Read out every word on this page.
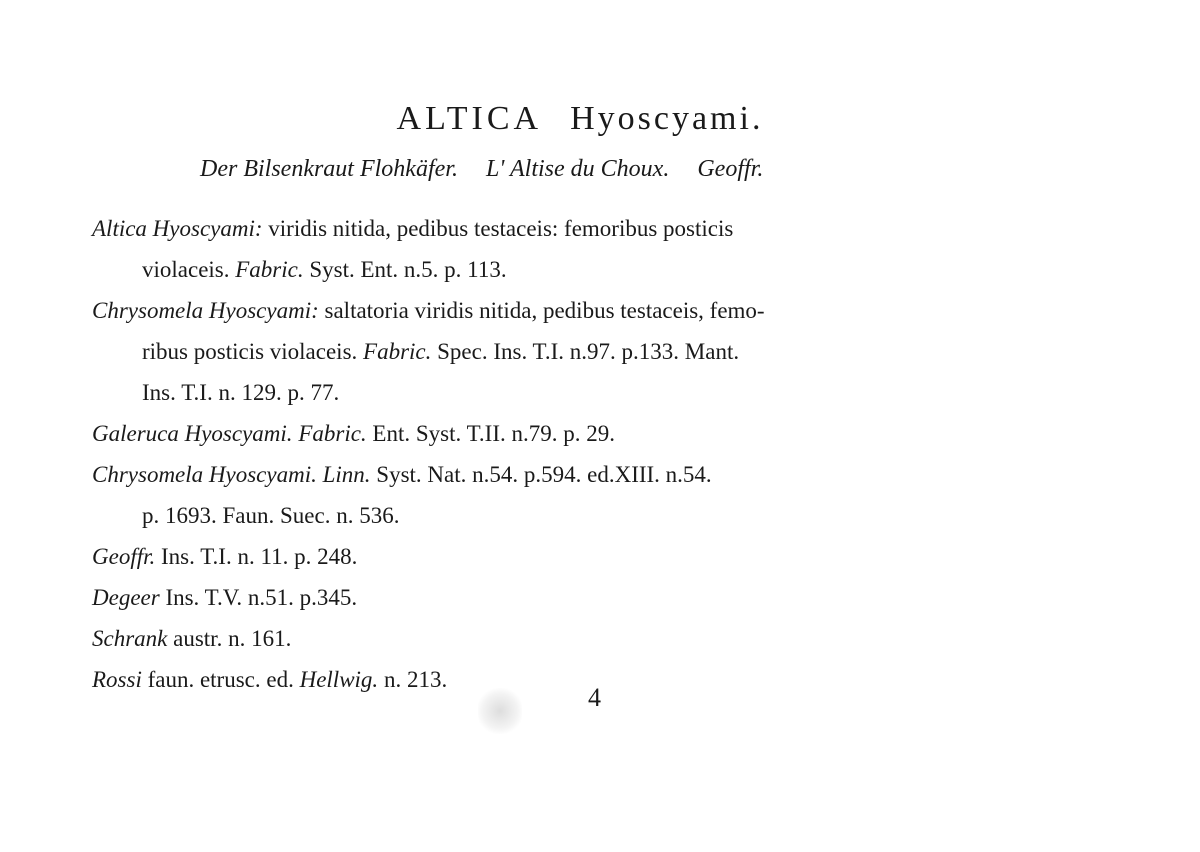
ALTICA Hyoscyami.
Der Bilsenkraut Flohkäfer. L' Altise du Choux. Geoffr.
Altica Hyoscyami: viridis nitida, pedibus testaceis: femoribus posticis
violaceis. Fabric. Syst. Ent. n.5. p. 113.
Chrysomela Hyoscyami: saltatoria viridis nitida, pedibus testaceis, femo-
ribus posticis violaceis. Fabric. Spec. Ins. T.I. n.97. p.133. Mant.
Ins. T.I. n. 129. p. 77.
Galeruca Hyoscyami. Fabric. Ent. Syst. T.II. n.79. p. 29.
Chrysomela Hyoscyami. Linn. Syst. Nat. n.54. p.594. ed.XIII. n.54.
p. 1693. Faun. Suec. n. 536.
Geoffr. Ins. T.I. n. 11. p. 248.
Degeer Ins. T.V. n.51. p.345.
Schrank austr. n. 161.
Rossi faun. etrusc. ed. Hellwig. n. 213.
4
